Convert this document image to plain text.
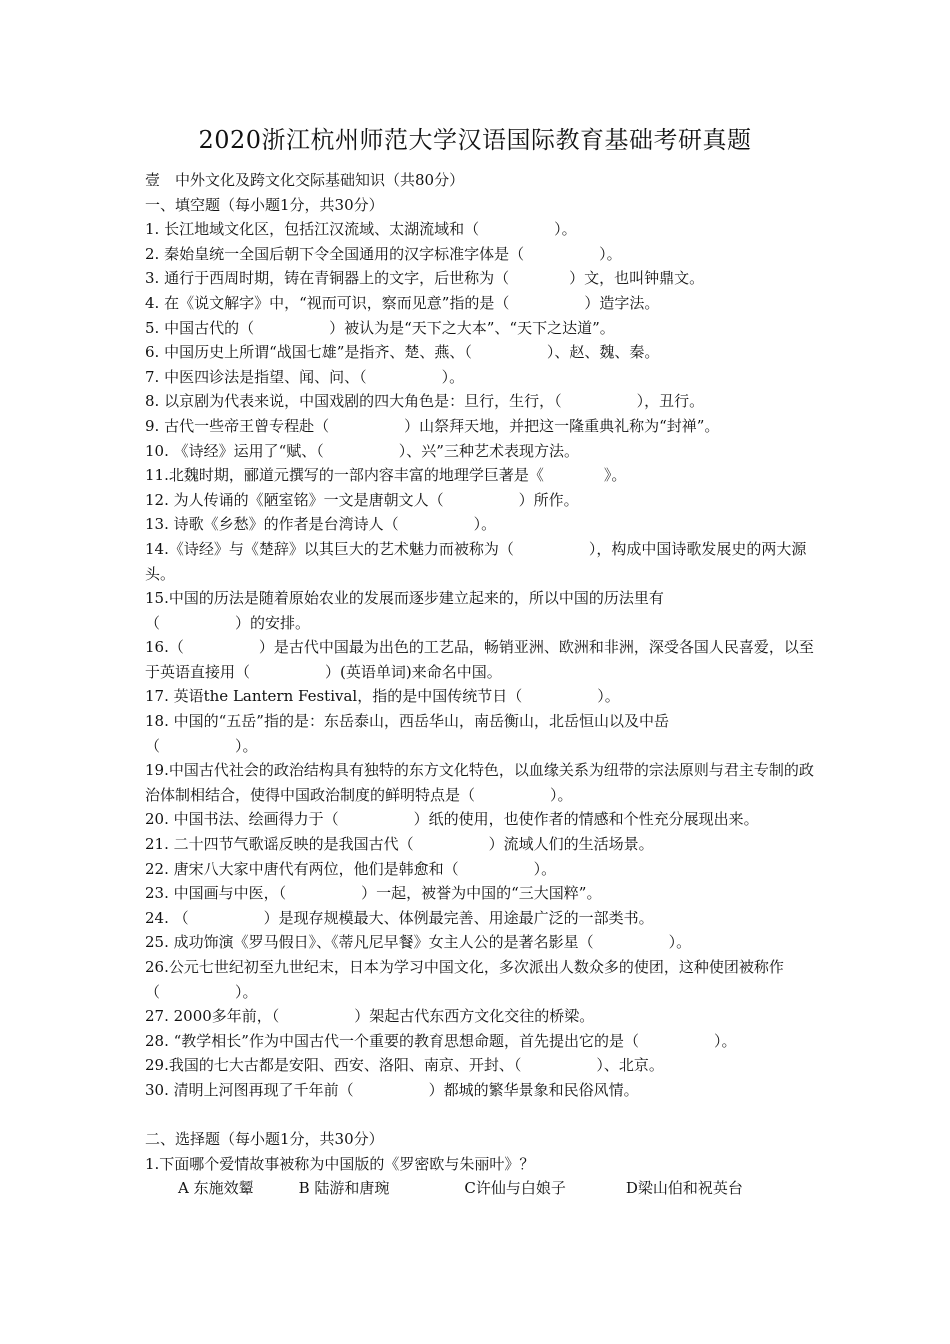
2020浙江杭州师范大学汉语国际教育基础考研真题

壹　中外文化及跨文化交际基础知识（共80分）

一、填空题（每小题1分，共30分）

1. 长江地域文化区，包括江汉流域、太湖流域和（　　　　　）。

2. 秦始皇统一全国后朝下令全国通用的汉字标准字体是（　　　　　）。

3. 通行于西周时期，铸在青铜器上的文字，后世称为（　　　　）文，也叫钟鼎文。

4. 在《说文解字》中，“视而可识，察而见意”指的是（　　　　　）造字法。

5. 中国古代的（　　　　　）被认为是“天下之大本”、“天下之达道”。

6. 中国历史上所谓“战国七雄”是指齐、楚、燕、（　　　　　）、赵、魏、秦。

7. 中医四诊法是指望、闻、问、（　　　　　）。

8. 以京剧为代表来说，中国戏剧的四大角色是：旦行，生行，（　　　　　），丑行。

9. 古代一些帝王曾专程赴（　　　　　）山祭拜天地，并把这一隆重典礼称为“封禅”。

10. 《诗经》运用了“赋、（　　　　　）、兴”三种艺术表现方法。

11.北魏时期，郦道元撰写的一部内容丰富的地理学巨著是《　　　　》。

12. 为人传诵的《陋室铭》一文是唐朝文人（　　　　　）所作。

13. 诗歌《乡愁》的作者是台湾诗人（　　　　　）。

14.《诗经》与《楚辞》以其巨大的艺术魅力而被称为（　　　　　），构成中国诗歌发展史的两大源头。

15.中国的历法是随着原始农业的发展而逐步建立起来的，所以中国的历法里有
（　　　　　）的安排。

16.（　　　　　）是古代中国最为出色的工艺品，畅销亚洲、欧洲和非洲，深受各国人民喜爱，以至于英语直接用（　　　　　）(英语单词)来命名中国。

17. 英语the Lantern Festival，指的是中国传统节日（　　　　　）。

18. 中国的“五岳”指的是：东岳泰山，西岳华山，南岳衡山，北岳恒山以及中岳
（　　　　　）。

19.中国古代社会的政治结构具有独特的东方文化特色，以血缘关系为纽带的宗法原则与君主专制的政治体制相结合，使得中国政治制度的鲜明特点是（　　　　　）。

20. 中国书法、绘画得力于（　　　　　）纸的使用，也使作者的情感和个性充分展现出来。

21. 二十四节气歌谣反映的是我国古代（　　　　　）流域人们的生活场景。

22. 唐宋八大家中唐代有两位，他们是韩愈和（　　　　　）。

23. 中国画与中医，（　　　　　）一起，被誉为中国的“三大国粹”。

24. （　　　　　）是现存规模最大、体例最完善、用途最广泛的一部类书。

25. 成功饰演《罗马假日》、《蒂凡尼早餐》女主人公的是著名影星（　　　　　）。

26.公元七世纪初至九世纪末，日本为学习中国文化，多次派出人数众多的使团，这种使团被称作（　　　　　）。

27. 2000多年前，（　　　　　）架起古代东西方文化交往的桥梁。

28. “教学相长”作为中国古代一个重要的教育思想命题，首先提出它的是（　　　　　）。

29.我国的七大古都是安阳、西安、洛阳、南京、开封、（　　　　　）、北京。

30. 清明上河图再现了千年前（　　　　　）都城的繁华景象和民俗风情。

二、选择题（每小题1分，共30分）

1.下面哪个爱情故事被称为中国版的《罗密欧与朱丽叶》？

A 东施效颦　　　B 陆游和唐琬　　　　　C许仙与白娘子　　　　D梁山伯和祝英台
